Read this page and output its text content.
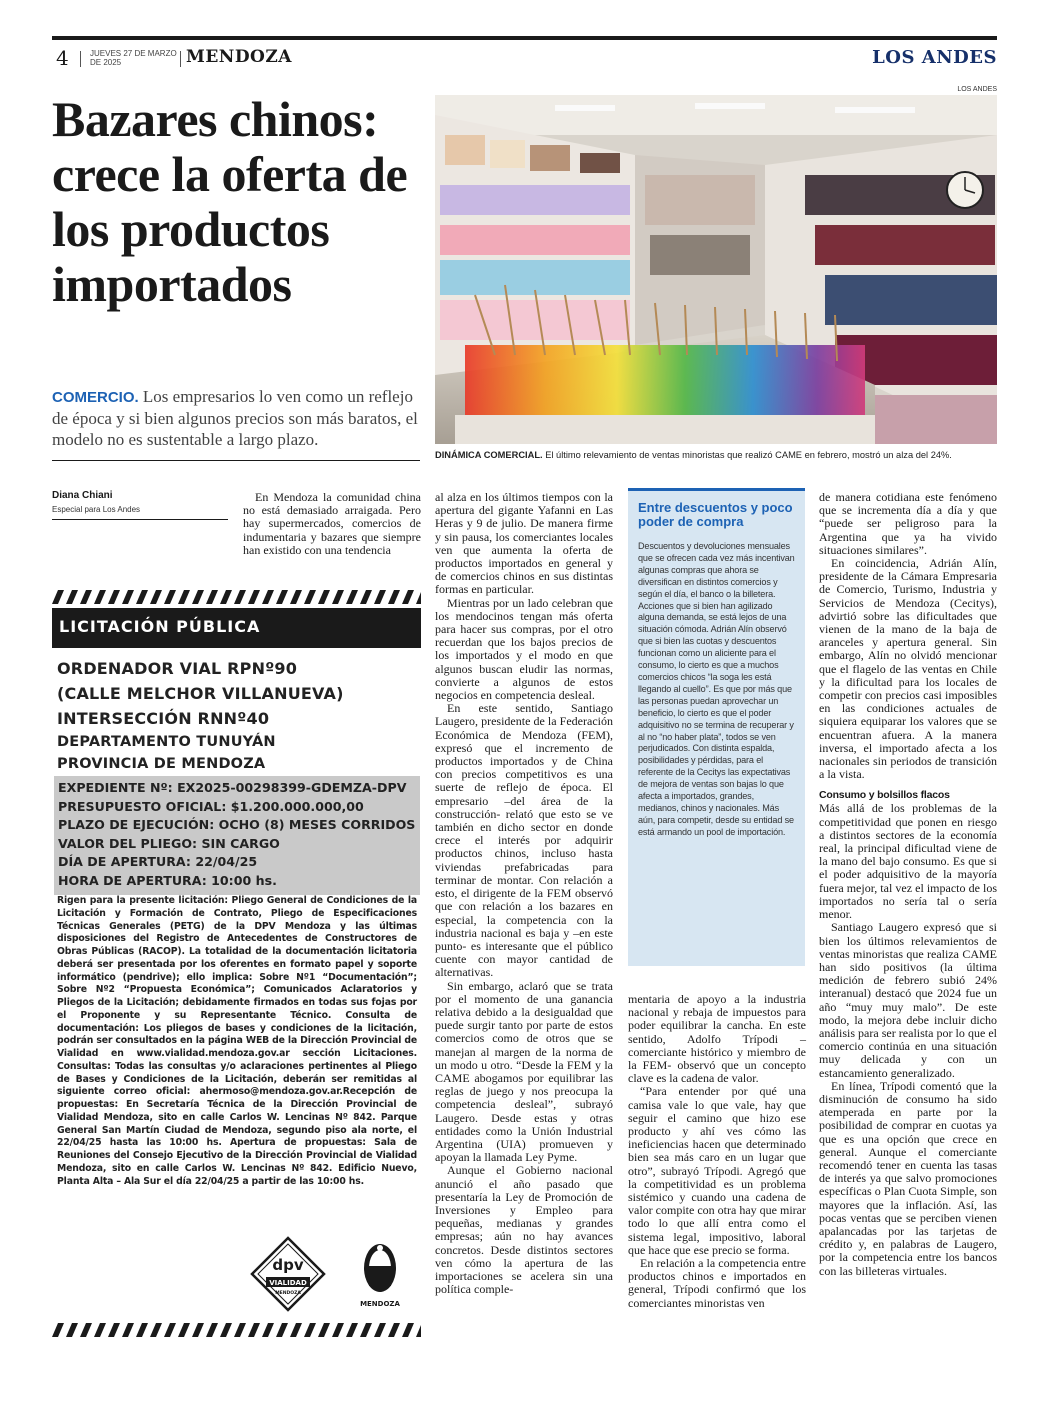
4	JUEVES 27 DE MARZO DE 2025	MENDOZA	LOS ANDES
Bazares chinos: crece la oferta de los productos importados

COMERCIO. Los empresarios lo ven como un reflejo de época y si bien algunos precios son más baratos, el modelo no es sustentable a largo plazo.

LOS ANDES

DINÁMICA COMERCIAL. El último relevamiento de ventas minoristas que realizó CAME en febrero, mostró un alza del 24%.

Diana Chiani
Especial para Los Andes

En Mendoza la comunidad china no está demasiado arraigada. Pero hay supermercados, comercios de indumentaria y bazares que siempre han existido con una tendencia

al alza en los últimos tiempos con la apertura del gigante Yafanni en Las Heras y 9 de julio. De manera firme y sin pausa, los comerciantes locales ven que aumenta la oferta de productos importados en general y de comercios chinos en sus distintas formas en particular.

Mientras por un lado celebran que los mendocinos tengan más oferta para hacer sus compras, por el otro recuerdan que los bajos precios de los importados y el modo en que algunos buscan eludir las normas, convierte a algunos de estos negocios en competencia desleal.

En este sentido, Santiago Laugero, presidente de la Federación Económica de Mendoza (FEM), expresó que el incremento de productos importados y de China con precios competitivos es una suerte de reflejo de época. El empresario –del área de la construcción- relató que esto se ve también en dicho sector en donde crece el interés por adquirir productos chinos, incluso hasta viviendas prefabricadas para terminar de montar. Con relación a esto, el dirigente de la FEM observó que con relación a los bazares en especial, la competencia con la industria nacional es baja y –en este punto- es interesante que el público cuente con mayor cantidad de alternativas.

Sin embargo, aclaró que se trata por el momento de una ganancia relativa debido a la desigualdad que puede surgir tanto por parte de estos comercios como de otros que se manejan al margen de la norma de un modo u otro. “Desde la FEM y la CAME abogamos por equilibrar las reglas de juego y nos preocupa la competencia desleal”, subrayó Laugero. Desde estas y otras entidades como la Unión Industrial Argentina (UIA) promueven y apoyan la llamada Ley Pyme.

Aunque el Gobierno nacional anunció el año pasado que presentaría la Ley de Promoción de Inversiones y Empleo para pequeñas, medianas y grandes empresas; aún no hay avances concretos. Desde distintos sectores ven cómo la apertura de las importaciones se acelera sin una política comple-

Entre descuentos y poco poder de compra
Descuentos y devoluciones mensuales que se ofrecen cada vez más incentivan algunas compras que ahora se diversifican en distintos comercios y según el día, el banco o la billetera. Acciones que si bien han agilizado alguna demanda, se está lejos de una situación cómoda. Adrián Alín observó que si bien las cuotas y descuentos funcionan como un aliciente para el consumo, lo cierto es que a muchos comercios chicos “la soga les está llegando al cuello”. Es que por más que las personas puedan aprovechar un beneficio, lo cierto es que el poder adquisitivo no se termina de recuperar y al no “no haber plata”, todos se ven perjudicados. Con distinta espalda, posibilidades y pérdidas, para el referente de la Cecitys las expectativas de mejora de ventas son bajas lo que afecta a importados, grandes, medianos, chinos y nacionales. Más aún, para competir, desde su entidad se está armando un pool de importación.

mentaria de apoyo a la industria nacional y rebaja de impuestos para poder equilibrar la cancha. En este sentido, Adolfo Trípodi –comerciante histórico y miembro de la FEM- observó que un concepto clave es la cadena de valor.

“Para entender por qué una camisa vale lo que vale, hay que seguir el camino que hizo ese producto y ahí ves cómo las ineficiencias hacen que determinado bien sea más caro en un lugar que otro”, subrayó Trípodi. Agregó que la competitividad es un problema sistémico y cuando una cadena de valor compite con otra hay que mirar todo lo que allí entra como el sistema legal, impositivo, laboral que hace que ese precio se forma.

En relación a la competencia entre productos chinos e importados en general, Trípodi confirmó que los comerciantes minoristas ven

de manera cotidiana este fenómeno que se incrementa día a día y que “puede ser peligroso para la Argentina que ya ha vivido situaciones similares”.

En coincidencia, Adrián Alín, presidente de la Cámara Empresaria de Comercio, Turismo, Industria y Servicios de Mendoza (Cecitys), advirtió sobre las dificultades que vienen de la mano de la baja de aranceles y apertura general. Sin embargo, Alín no olvidó mencionar que el flagelo de las ventas en Chile y la dificultad para los locales de competir con precios casi imposibles en las condiciones actuales de siquiera equiparar los valores que se encuentran afuera. A la manera inversa, el importado afecta a los nacionales sin periodos de transición a la vista.

Consumo y bolsillos flacos

Más allá de los problemas de la competitividad que ponen en riesgo a distintos sectores de la economía real, la principal dificultad viene de la mano del bajo consumo. Es que si el poder adquisitivo de la mayoría fuera mejor, tal vez el impacto de los importados no sería tal o sería menor.

Santiago Laugero expresó que si bien los últimos relevamientos de ventas minoristas que realiza CAME han sido positivos (la última medición de febrero subió 24% interanual) destacó que 2024 fue un año “muy muy malo”. De este modo, la mejora debe incluir dicho análisis para ser realista por lo que el comercio continúa en una situación muy delicada y con un estancamiento generalizado.

En línea, Trípodi comentó que la disminución de consumo ha sido atemperada en parte por la posibilidad de comprar en cuotas ya que es una opción que crece en general. Aunque el comerciante recomendó tener en cuenta las tasas de interés ya que salvo promociones específicas o Plan Cuota Simple, son mayores que la inflación. Así, las pocas ventas que se perciben vienen apalancadas por las tarjetas de crédito y, en palabras de Laugero, por la competencia entre los bancos con las billeteras virtuales.

LICITACIÓN PÚBLICA
ORDENADOR VIAL RPNº90
(CALLE MELCHOR VILLANUEVA)
INTERSECCIÓN RNNº40
DEPARTAMENTO TUNUYÁN
PROVINCIA DE MENDOZA
EXPEDIENTE Nº: EX2025-00298399-GDEMZA-DPV
PRESUPUESTO OFICIAL: $1.200.000.000,00
PLAZO DE EJECUCIÓN: OCHO (8) MESES CORRIDOS
VALOR DEL PLIEGO: SIN CARGO
DÍA DE APERTURA: 22/04/25
HORA DE APERTURA: 10:00 hs.
Rigen para la presente licitación: Pliego General de Condiciones de la Licitación y Formación de Contrato, Pliego de Especificaciones Técnicas Generales (PETG) de la DPV Mendoza y las últimas disposiciones del Registro de Antecedentes de Constructores de Obras Públicas (RACOP). La totalidad de la documentación licitatoria deberá ser presentada por los oferentes en formato papel y soporte informático (pendrive); ello implica: Sobre Nº1 “Documentación”; Sobre Nº2 “Propuesta Económica”; Comunicados Aclaratorios y Pliegos de la Licitación; debidamente firmados en todas sus fojas por el Proponente y su Representante Técnico. Consulta de documentación: Los pliegos de bases y condiciones de la licitación, podrán ser consultados en la página WEB de la Dirección Provincial de Vialidad en www.vialidad.mendoza.gov.ar sección Licitaciones. Consultas: Todas las consultas y/o aclaraciones pertinentes al Pliego de Bases y Condiciones de la Licitación, deberán ser remitidas al siguiente correo oficial: ahermoso@mendoza.gov.ar.Recepción de propuestas: En Secretaría Técnica de la Dirección Provincial de Vialidad Mendoza, sito en calle Carlos W. Lencinas Nº 842. Parque General San Martín Ciudad de Mendoza, segundo piso ala norte, el 22/04/25 hasta las 10:00 hs. Apertura de propuestas: Sala de Reuniones del Consejo Ejecutivo de la Dirección Provincial de Vialidad Mendoza, sito en calle Carlos W. Lencinas Nº 842. Edificio Nuevo, Planta Alta – Ala Sur el día 22/04/25 a partir de las 10:00 hs.
dpv
VIALIDAD
MENDOZA
MENDOZA
